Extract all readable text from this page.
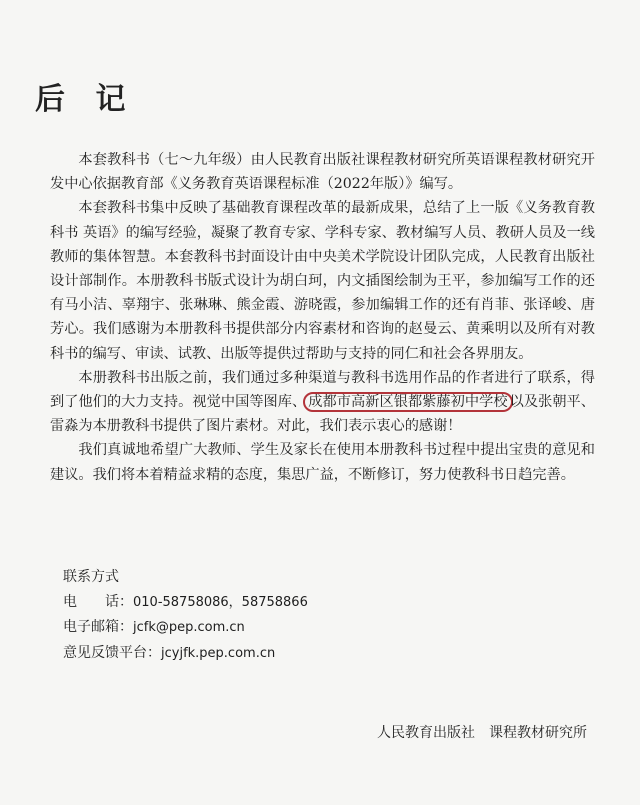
后 记

本套教科书（七～九年级）由人民教育出版社课程教材研究所英语课程教材研究开发中心依据教育部《义务教育英语课程标准（2022年版）》编写。

本套教科书集中反映了基础教育课程改革的最新成果，总结了上一版《义务教育教科书 英语》的编写经验，凝聚了教育专家、学科专家、教材编写人员、教研人员及一线教师的集体智慧。本套教科书封面设计由中央美术学院设计团队完成，人民教育出版社设计部制作。本册教科书版式设计为胡白珂，内文插图绘制为王平，参加编写工作的还有马小洁、辜翔宇、张琳琳、熊金霞、游晓霞，参加编辑工作的还有肖菲、张译峻、唐芳心。我们感谢为本册教科书提供部分内容素材和咨询的赵曼云、黄乘明以及所有对教科书的编写、审读、试教、出版等提供过帮助与支持的同仁和社会各界朋友。

本册教科书出版之前，我们通过多种渠道与教科书选用作品的作者进行了联系，得到了他们的大力支持。视觉中国等图库、 成都市高新区银都紫藤初中学校 以及张朝平、雷淼为本册教科书提供了图片素材。对此，我们表示衷心的感谢！

我们真诚地希望广大教师、学生及家长在使用本册教科书过程中提出宝贵的意见和建议。我们将本着精益求精的态度，集思广益，不断修订，努力使教科书日趋完善。

联系方式
电　　话：010-58758086，58758866
电子邮箱：jcfk@pep.com.cn
意见反馈平台：jcyjfk.pep.com.cn
人民教育出版社 课程教材研究所
